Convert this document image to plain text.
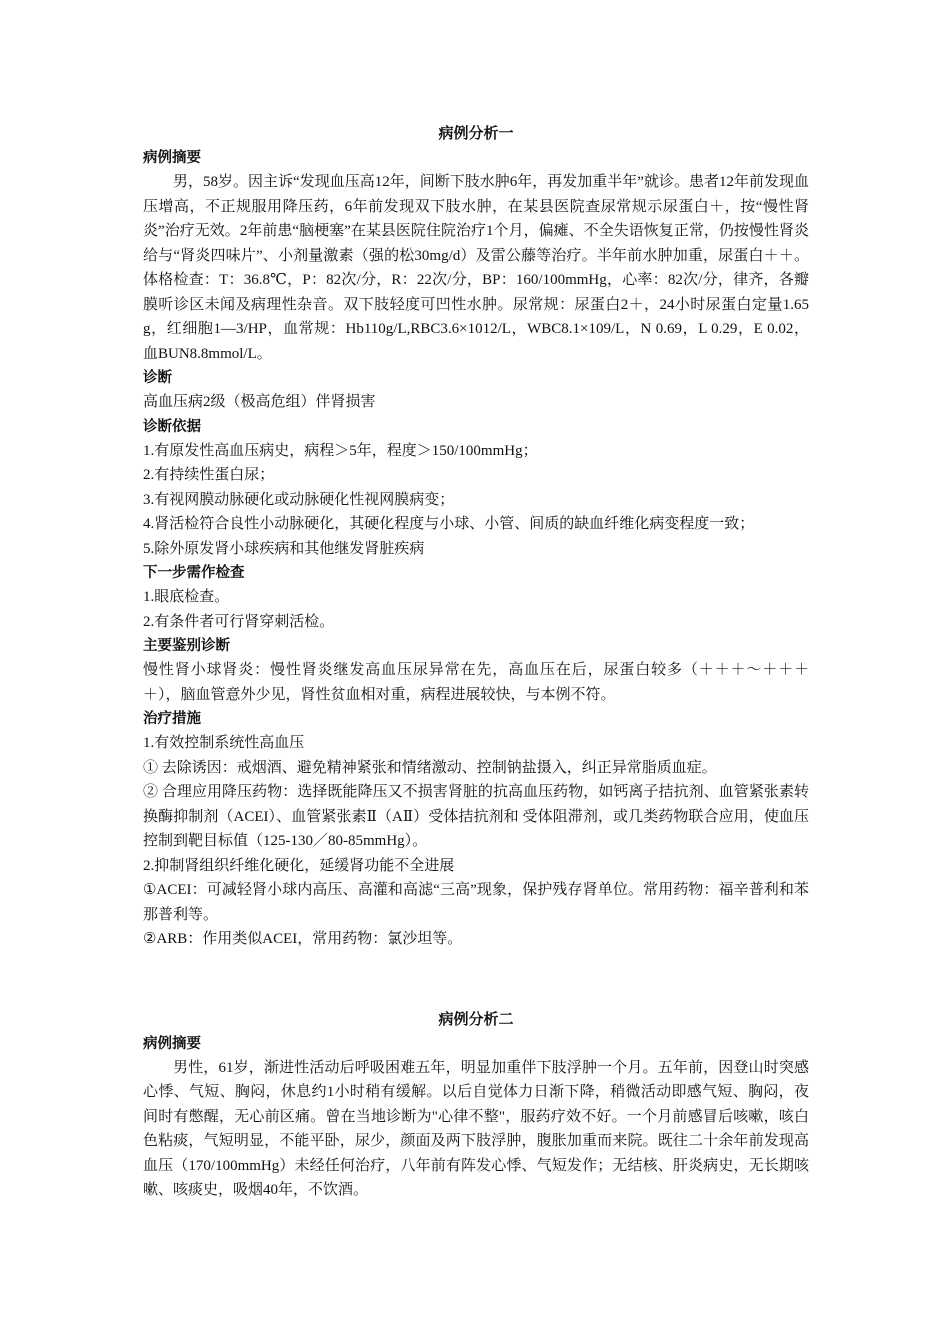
病例分析一
病例摘要
男，58岁。因主诉“发现血压高12年，间断下肢水肿6年，再发加重半年”就诊。患者12年前发现血压增高，不正规服用降压药，6年前发现双下肢水肿，在某县医院查尿常规示尿蛋白＋，按“慢性肾炎”治疗无效。2年前患“脑梗塞”在某县医院住院治疗1个月，偏瘫、不全失语恢复正常，仍按慢性肾炎给与“肾炎四味片”、小剂量激素（强的松30mg/d）及雷公藤等治疗。半年前水肿加重，尿蛋白＋＋。体格检查：T：36.8℃，P：82次/分，R：22次/分，BP：160/100mmHg，心率：82次/分，律齐，各瓣膜听诊区未闻及病理性杂音。双下肢轻度可凹性水肿。尿常规：尿蛋白2＋，24小时尿蛋白定量1.65g，红细胞1—3/HP，血常规：Hb110g/L,RBC3.6×1012/L，WBC8.1×109/L，N 0.69，L 0.29，E 0.02，血BUN8.8mmol/L。
诊断
高血压病2级（极高危组）伴肾损害
诊断依据
1.有原发性高血压病史，病程＞5年，程度＞150/100mmHg；
2.有持续性蛋白尿；
3.有视网膜动脉硬化或动脉硬化性视网膜病变；
4.肾活检符合良性小动脉硬化，其硬化程度与小球、小管、间质的缺血纤维化病变程度一致；
5.除外原发肾小球疾病和其他继发肾脏疾病
下一步需作检查
1.眼底检查。
2.有条件者可行肾穿刺活检。
主要鉴别诊断
慢性肾小球肾炎：慢性肾炎继发高血压尿异常在先，高血压在后，尿蛋白较多（＋＋＋～＋＋＋＋），脑血管意外少见，肾性贫血相对重，病程进展较快，与本例不符。
治疗措施
1.有效控制系统性高血压
① 去除诱因：戒烟酒、避免精神紧张和情绪激动、控制钠盐摄入，纠正异常脂质血症。
② 合理应用降压药物：选择既能降压又不损害肾脏的抗高血压药物，如钙离子拮抗剂、血管紧张素转换酶抑制剂（ACEI）、血管紧张素Ⅱ（AⅡ）受体拮抗剂和 受体阻滞剂，或几类药物联合应用，使血压控制到靶目标值（125-130／80-85mmHg）。
2.抑制肾组织纤维化硬化，延缓肾功能不全进展
①ACEI：可减轻肾小球内高压、高灌和高滤“三高”现象，保护残存肾单位。常用药物：福辛普利和苯那普利等。
②ARB：作用类似ACEI，常用药物：氯沙坦等。
病例分析二
病例摘要
男性，61岁，渐进性活动后呼吸困难五年，明显加重伴下肢浮肿一个月。五年前，因登山时突感心悸、气短、胸闷，休息约1小时稍有缓解。以后自觉体力日渐下降，稍微活动即感气短、胸闷，夜间时有憋醒，无心前区痛。曾在当地诊断为"心律不整"，服药疗效不好。一个月前感冒后咳嗽，咳白色粘痰，气短明显，不能平卧，尿少，颜面及两下肢浮肿，腹胀加重而来院。既往二十余年前发现高血压（170/100mmHg）未经任何治疗，八年前有阵发心悸、气短发作；无结核、肝炎病史，无长期咳嗽、咳痰史，吸烟40年，不饮酒。
